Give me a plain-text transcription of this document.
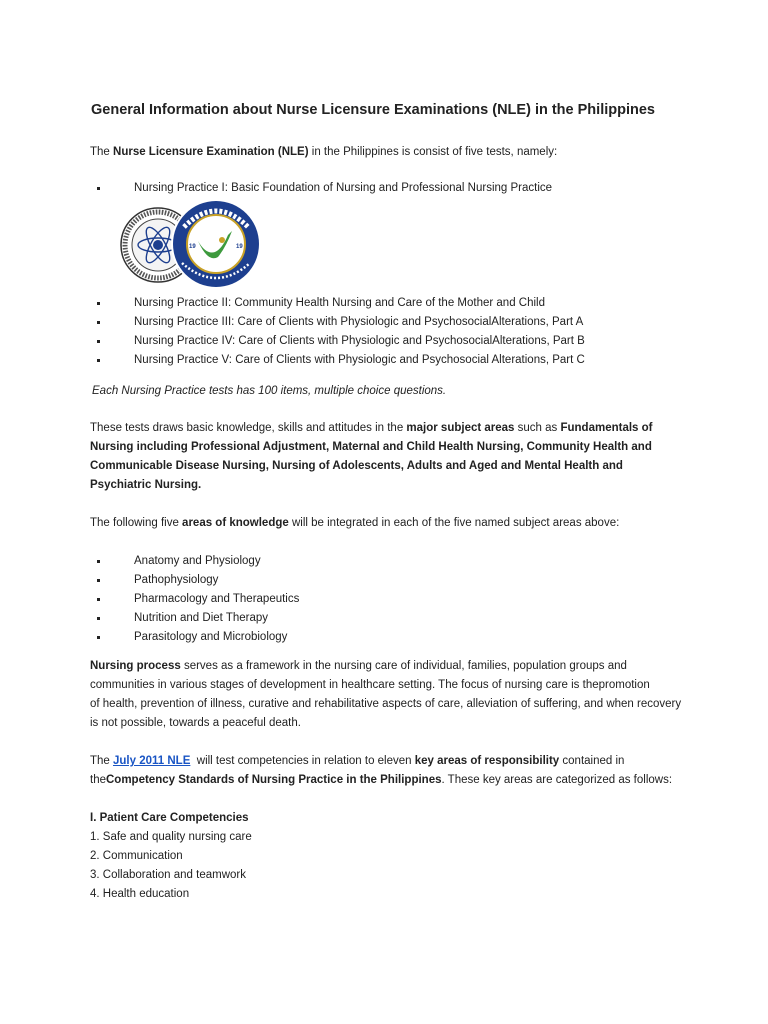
General Information about Nurse Licensure Examinations (NLE) in the Philippines
The Nurse Licensure Examination (NLE) in the Philippines is consist of five tests, namely:
Nursing Practice I: Basic Foundation of Nursing and Professional Nursing Practice
19	19
Nursing Practice II: Community Health Nursing and Care of the Mother and Child
Nursing Practice III: Care of Clients with Physiologic and PsychosocialAlterations, Part A
Nursing Practice IV: Care of Clients with Physiologic and PsychosocialAlterations, Part B
Nursing Practice V: Care of Clients with Physiologic and Psychosocial Alterations, Part C
Each Nursing Practice tests has 100 items, multiple choice questions.
These tests draws basic knowledge, skills and attitudes in the major subject areas such as Fundamentals of
Nursing including Professional Adjustment, Maternal and Child Health Nursing, Community Health and
Communicable Disease Nursing, Nursing of Adolescents, Adults and Aged and Mental Health and
Psychiatric Nursing.
The following five areas of knowledge will be integrated in each of the five named subject areas above:
Anatomy and Physiology
Pathophysiology
Pharmacology and Therapeutics
Nutrition and Diet Therapy
Parasitology and Microbiology
Nursing process serves as a framework in the nursing care of individual, families, population groups and
communities in various stages of development in healthcare setting. The focus of nursing care is thepromotion
of health, prevention of illness, curative and rehabilitative aspects of care, alleviation of suffering, and when recovery
is not possible, towards a peaceful death.
The July 2011 NLE  will test competencies in relation to eleven key areas of responsibility contained in
theCompetency Standards of Nursing Practice in the Philippines. These key areas are categorized as follows:
I. Patient Care Competencies
1. Safe and quality nursing care
2. Communication
3. Collaboration and teamwork
4. Health education
